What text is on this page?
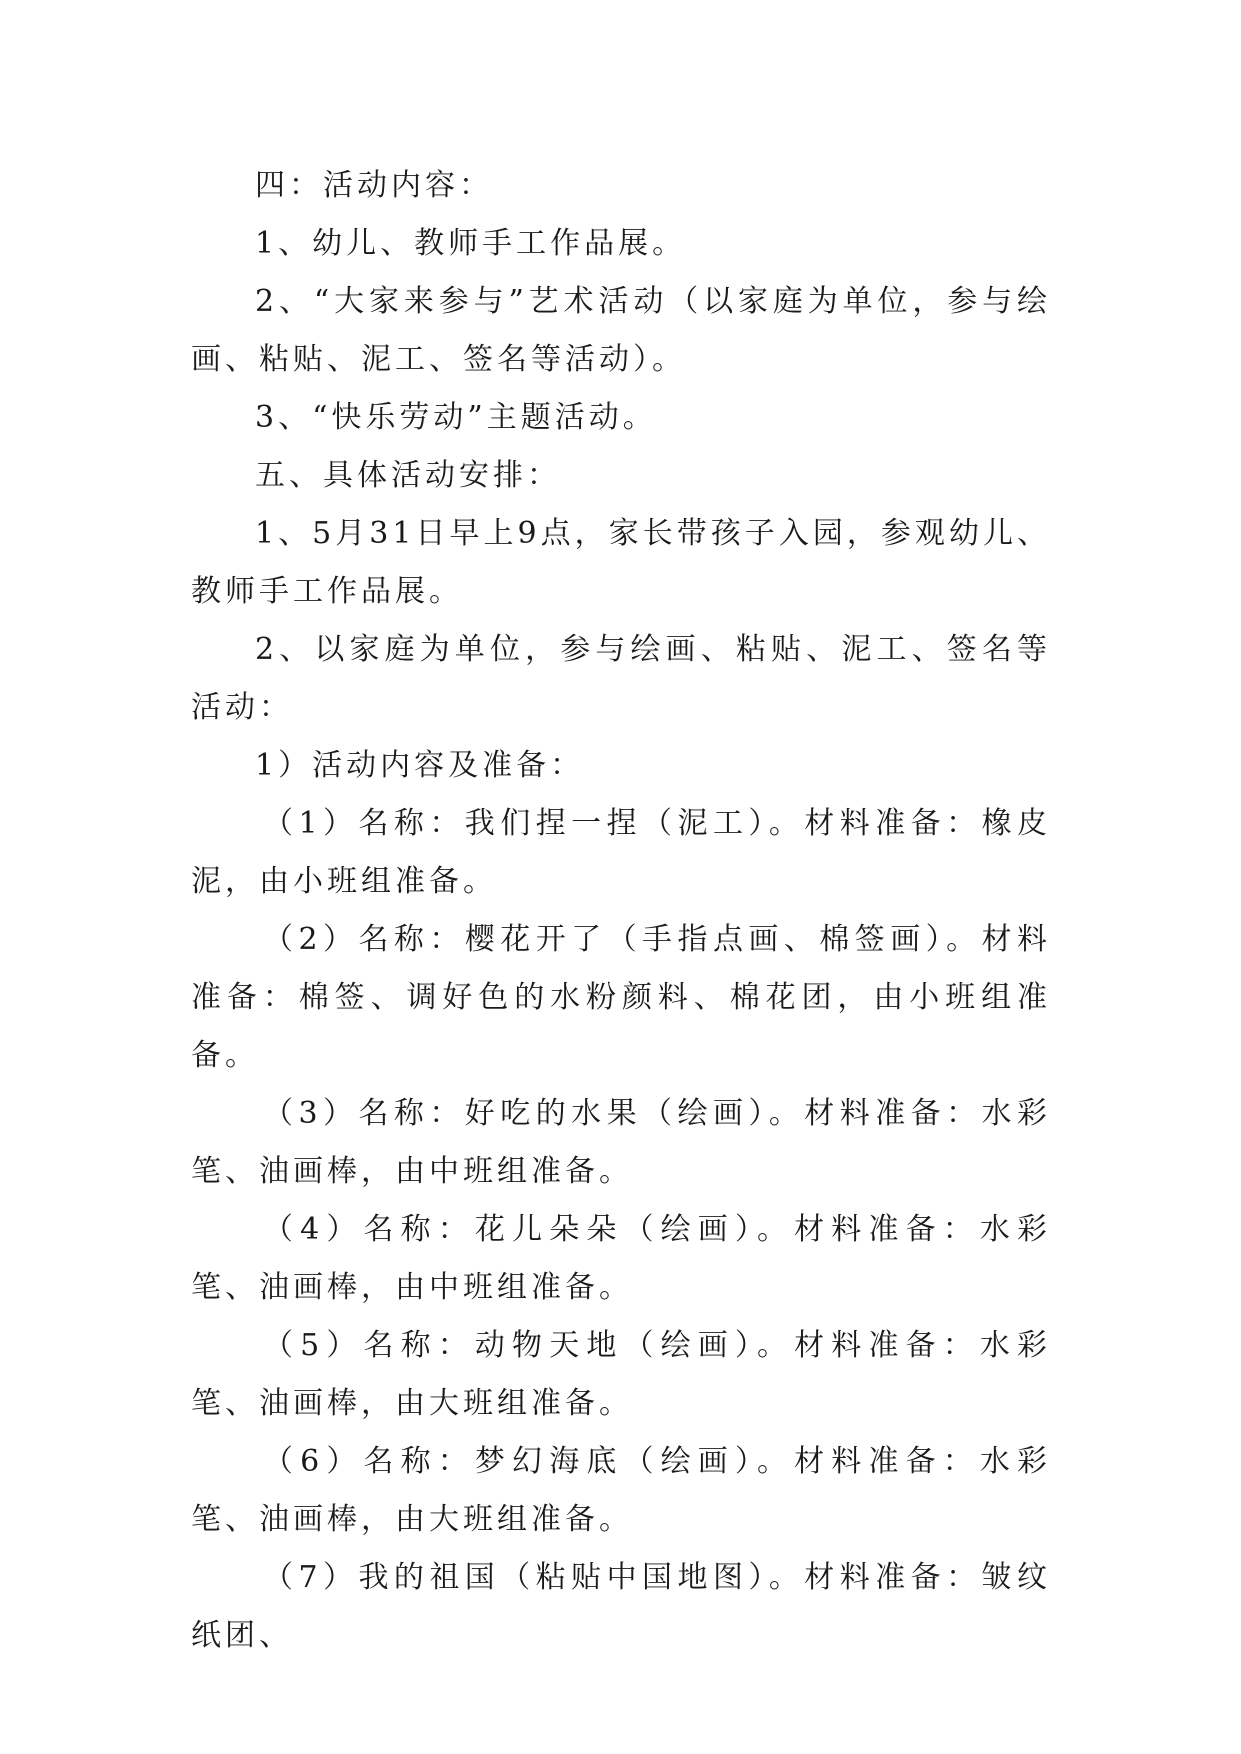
四：活动内容：

1、幼儿、教师手工作品展。

2、“大家来参与”艺术活动（以家庭为单位，参与绘画、粘贴、泥工、签名等活动）。

3、“快乐劳动”主题活动。

五、具体活动安排：

1、5月31日早上9点，家长带孩子入园，参观幼儿、教师手工作品展。

2、以家庭为单位，参与绘画、粘贴、泥工、签名等活动：

1）活动内容及准备：

（1）名称：我们捏一捏（泥工）。材料准备：橡皮泥，由小班组准备。

（2）名称：樱花开了（手指点画、棉签画）。材料准备：棉签、调好色的水粉颜料、棉花团，由小班组准备。

（3）名称：好吃的水果（绘画）。材料准备：水彩笔、油画棒，由中班组准备。

（4）名称：花儿朵朵（绘画）。材料准备：水彩笔、油画棒，由中班组准备。

（5）名称：动物天地（绘画）。材料准备：水彩笔、油画棒，由大班组准备。

（6）名称：梦幻海底（绘画）。材料准备：水彩笔、油画棒，由大班组准备。

（7）我的祖国（粘贴中国地图）。材料准备：皱纹纸团、
